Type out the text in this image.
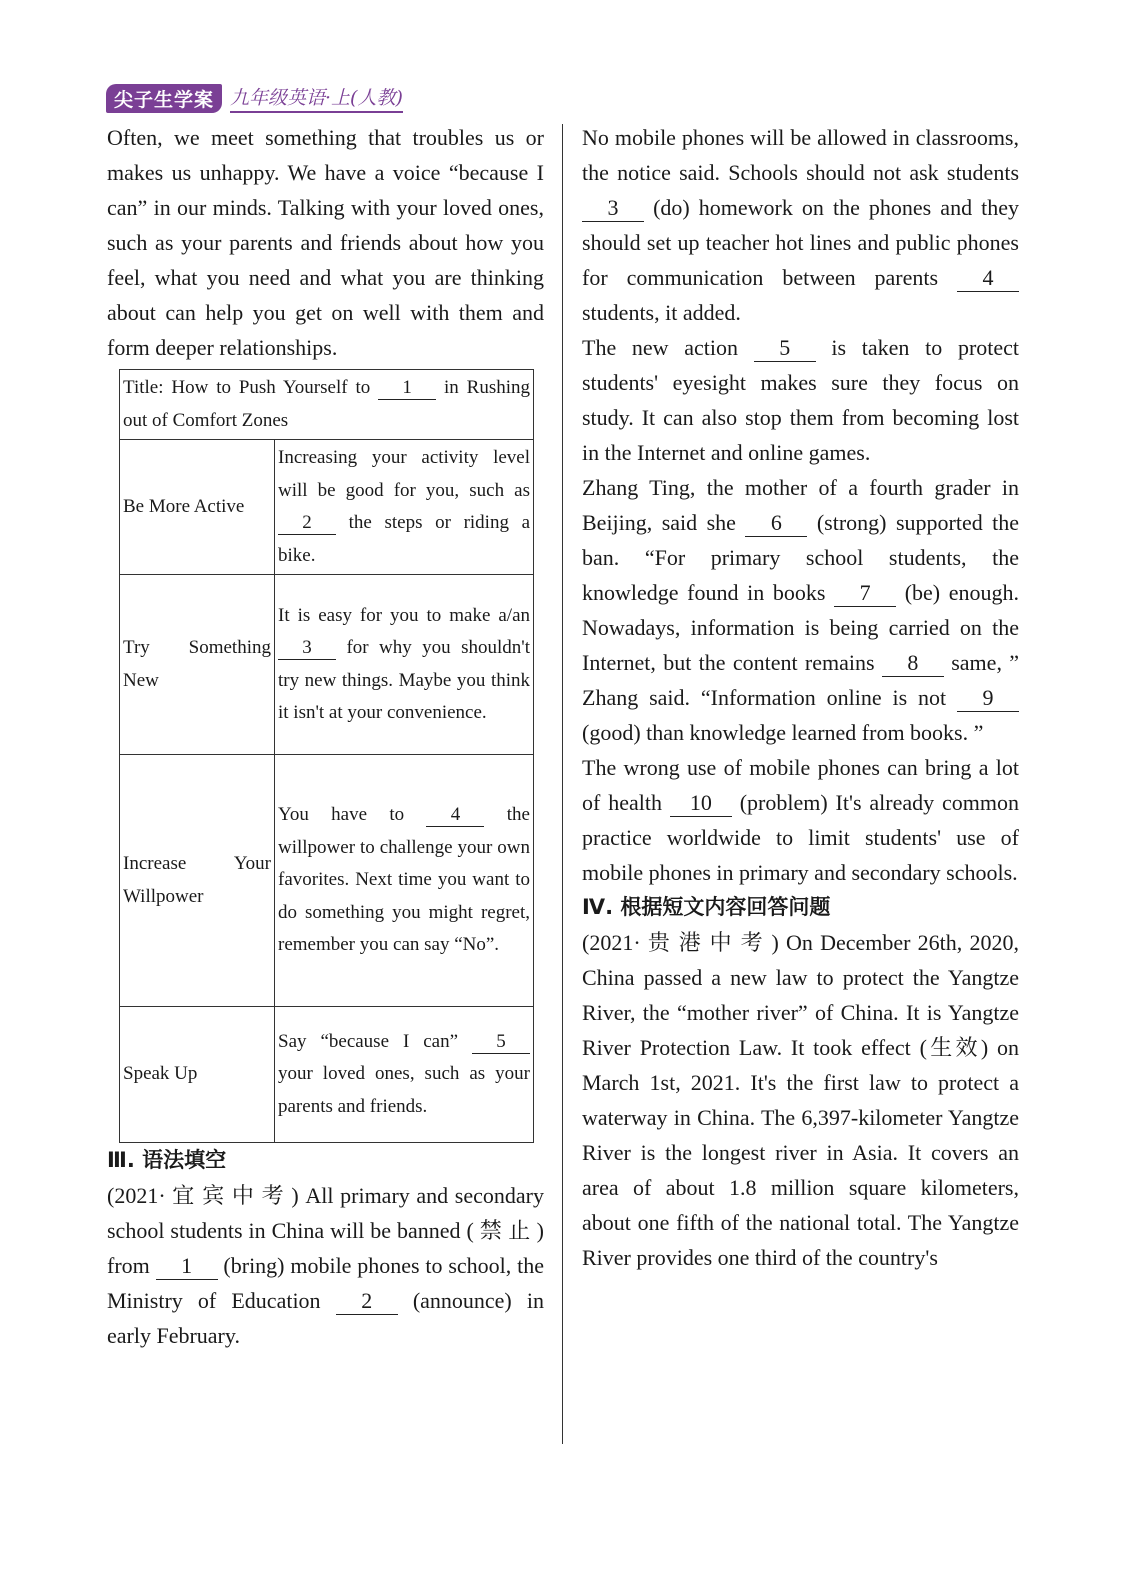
尖子生学案 九年级英语·上(人教)

Often, we meet something that troubles us or makes us unhappy. We have a voice “because I can” in our minds. Talking with your loved ones, such as your parents and friends about how you feel, what you need and what you are thinking about can help you get on well with them and form deeper relationships.

Title: How to Push Yourself to 1 in Rushing out of Comfort Zones	
Be More Active	Increasing your activity level will be good for you, such as 2 the steps or riding a bike.
Try Something New	It is easy for you to make a/an 3 for why you shouldn't try new things. Maybe you think it isn't at your convenience.
Increase Your Willpower	You have to 4 the willpower to challenge your own favorites. Next time you want to do something you might regret, remember you can say “No”.
Speak Up	Say “because I can” 5 your loved ones, such as your parents and friends.
Ⅲ. 语法填空

(2021· 宜 宾 中 考 ) All primary and secondary school students in China will be banned ( 禁 止 ) from 1 (bring) mobile phones to school, the Ministry of Education 2 (announce) in early February.

No mobile phones will be allowed in classrooms, the notice said. Schools should not ask students 3 (do) homework on the phones and they should set up teacher hot lines and public phones for communication between parents 4 students, it added.

The new action 5 is taken to protect students' eyesight makes sure they focus on study. It can also stop them from becoming lost in the Internet and online games.

Zhang Ting, the mother of a fourth grader in Beijing, said she 6 (strong) supported the ban. “For primary school students, the knowledge found in books 7 (be) enough. Nowadays, information is being carried on the Internet, but the content remains 8 same, ” Zhang said. “Information online is not 9 (good) than knowledge learned from books. ”

The wrong use of mobile phones can bring a lot of health 10 (problem) It's already common practice worldwide to limit students' use of mobile phones in primary and secondary schools.

Ⅳ. 根据短文内容回答问题

(2021· 贵 港 中 考 ) On December 26th, 2020, China passed a new law to protect the Yangtze River, the “mother river” of China. It is Yangtze River Protection Law. It took effect (生效) on March 1st, 2021. It's the first law to protect a waterway in China. The 6,397-kilometer Yangtze River is the longest river in Asia. It covers an area of about 1.8 million square kilometers, about one fifth of the national total. The Yangtze River provides one third of the country's
